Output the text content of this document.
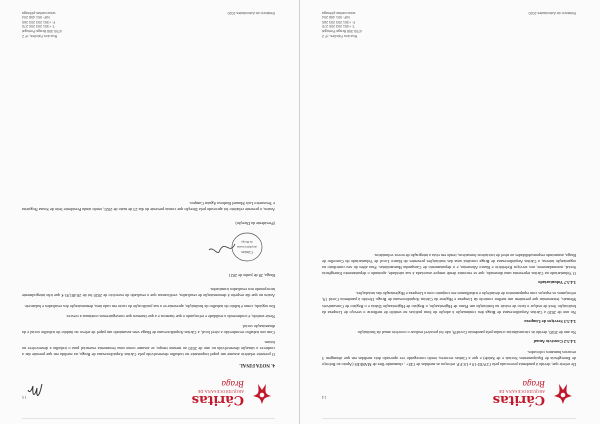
Cáritas
ARQUIDIOCESANA DE
Braga
14

De referir que, devido à pandemia provocada pela COVID-19 e I.E.F.P. reforçou as medidas de CEI+ , chamando-lhes de MAREES (Apoio ao Reforço de Emergência de Equipamentos Sociais e de Saúde) e que a Cáritas recorreu, tendo conseguido ver aprovado dois medidas em que abrangem 3 recursos humanos colocados.

3.4.5.2 Convívio Anual

No ano de 2020, devido às circunstâncias criadas pela pandemia Covid19, não foi possível realizar o convívio anual da Instituição.

3.4.5.3 Serviços de Limpeza

No ano de 2020 a Cáritas Arquidiocesana de Braga deu continuação à adoção do boas práticas no sentido de melhorar o serviço de Limpeza da Instituição. Será de realçar o facto de existir na Instituição um Plano de Higienização, o Registo de Higienização Diária e o Registo de Consumíveis Mensais, ferramentas que permitem um melhor controlo da Limpeza e Higiene da Cáritas Arquidiocesana de Braga. Devido à pandemia Covid 19, reforçamos os espaços com equipamentos de desinfeção e trabalhamos em conjunto com a Limpeza e Higienização das instalações.

3.4.5.7 Voluntariado

O Voluntariado na Cáritas representa uma dimensão, que se encontra desde sempre associada à sua atividade, apoiando o departamento Emergência Social, nomeadamente, nos serviços Refeitório e Banco Alimentar, e o departamento de Campanha Humanitárias. Para além do seu contributo na organização interna, a Cáritas Arquidiocesana de Braga constitui uma das instituições presentes do Banco Local de Voluntariado do Concelho de Braga, assumindo responsabilidades ao nível de iniciativas formativas, tendo em vista a integração de novos voluntários.

Relatório de Actividades 2020
Rua dos Falcões, nº 2
4700-358 Braga Portugal
T: +351 253 200 270
F: +351 253 203 260
NIF: 501 458 204
www.caritas.pt/braga
Cáritas
ARQUIDIOCESANA DE
Braga
15
4. NOTA FINAL

O presente relatório assume um papel importante no trabalho desenvolvido pela Cáritas Arquidiocesana de Braga, na medida em que permite dar a conhecer a situação desenvolvida no ano de 2020 ao mesmo tempo, se assume como uma ferramenta essencial para o trabalho a desenvolver no futuro.

Com um trabalho reconhecido a nível local, a Cáritas Arquidiocesana de Braga vem assumindo um papel de relevo no âmbito do trabalho social e da dinamização social.

Neste sentido, é conhecendo a realidade e reforçando o que fazemos e a que fazemos que conseguiremos continuar a crescer.

Em seguida, como é hábito do trabalho da Instituição, apresenta-se a sua justificação do custo em cada área, demonstração dos resultados e balancete.

Assim no que diz respeito à demonstração de resultados, verificamos que o resultado do exercício de 2020 foi de 28.481,95 € que irão integralmente incorporado nos resultados transitados.

Braga, 28 de junho de 2021
Cáritas
Arquidiocesana
de Braga
(Presidente da Direção)

Assim, o presente relatório foi aprovado pela Direção que consta presente do dia 23 de maio de 2021, tendo ainda Presidente leito de Sousa Nogueira e Tesoureiro Luís Manuel Barbosa Aguiar Campos.

Relatório de Actividades 2020
Rua dos Falcões, nº 2
4700-358 Braga Portugal
T: +351 253 200 270
F: +351 253 203 260
NIF: 501 458 204
www.caritas.pt/braga
